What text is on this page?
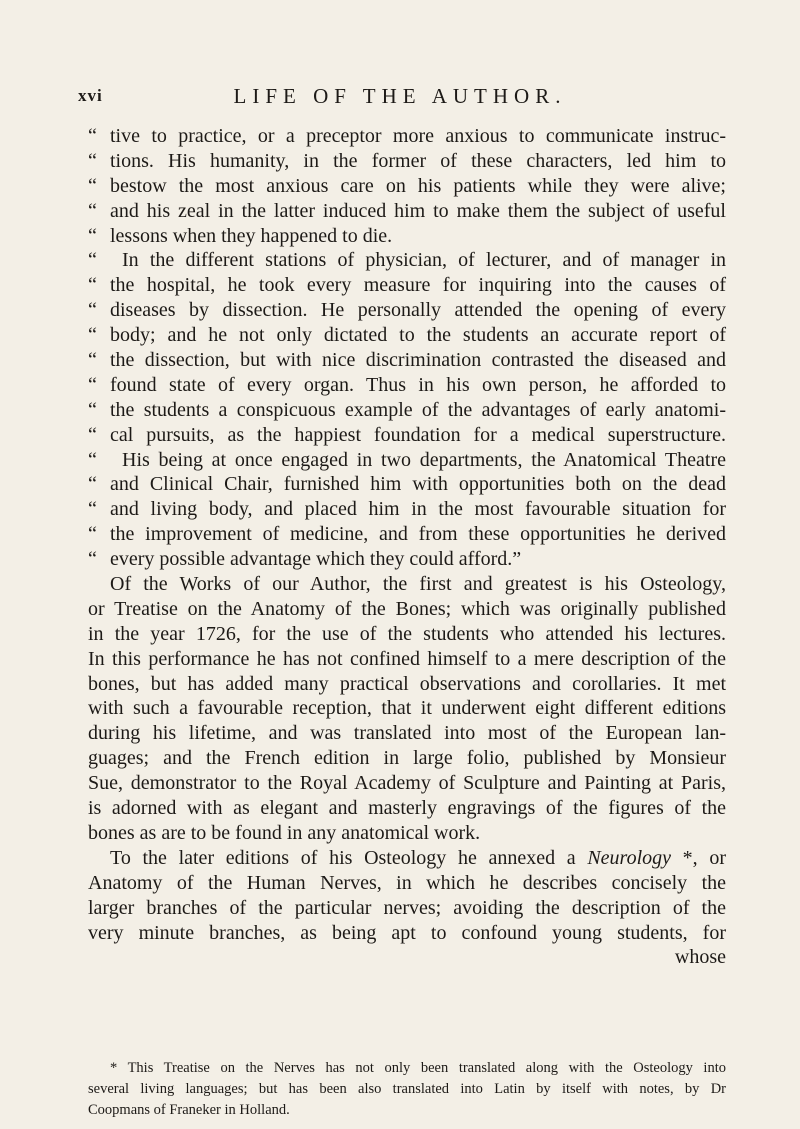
LIFE OF THE AUTHOR.
xvi
“ tive to practice, or a preceptor more anxious to communicate instruc-
“ tions. His humanity, in the former of these characters, led him to
“ bestow the most anxious care on his patients while they were alive;
“ and his zeal in the latter induced him to make them the subject of useful
“ lessons when they happened to die.
“ In the different stations of physician, of lecturer, and of manager in
“ the hospital, he took every measure for inquiring into the causes of
“ diseases by dissection. He personally attended the opening of every
“ body; and he not only dictated to the students an accurate report of
“ the dissection, but with nice discrimination contrasted the diseased and
“ found state of every organ. Thus in his own person, he afforded to
“ the students a conspicuous example of the advantages of early anatomi-
“ cal pursuits, as the happiest foundation for a medical superstructure.
“ His being at once engaged in two departments, the Anatomical Theatre
“ and Clinical Chair, furnished him with opportunities both on the dead
“ and living body, and placed him in the most favourable situation for
“ the improvement of medicine, and from these opportunities he derived
“ every possible advantage which they could afford.”
Of the Works of our Author, the first and greatest is his Osteology,
or Treatise on the Anatomy of the Bones; which was originally published
in the year 1726, for the use of the students who attended his lectures.
In this performance he has not confined himself to a mere description of the
bones, but has added many practical observations and corollaries. It met
with such a favourable reception, that it underwent eight different editions
during his lifetime, and was translated into most of the European lan-
guages; and the French edition in large folio, published by Monsieur
Sue, demonstrator to the Royal Academy of Sculpture and Painting at Paris,
is adorned with as elegant and masterly engravings of the figures of the
bones as are to be found in any anatomical work.
To the later editions of his Osteology he annexed a Neurology *, or
Anatomy of the Human Nerves, in which he describes concisely the
larger branches of the particular nerves; avoiding the description of the
very minute branches, as being apt to confound young students, for
whose
* This Treatise on the Nerves has not only been translated along with the Osteology into
several living languages; but has been also translated into Latin by itself with notes, by Dr
Coopmans of Franeker in Holland.
